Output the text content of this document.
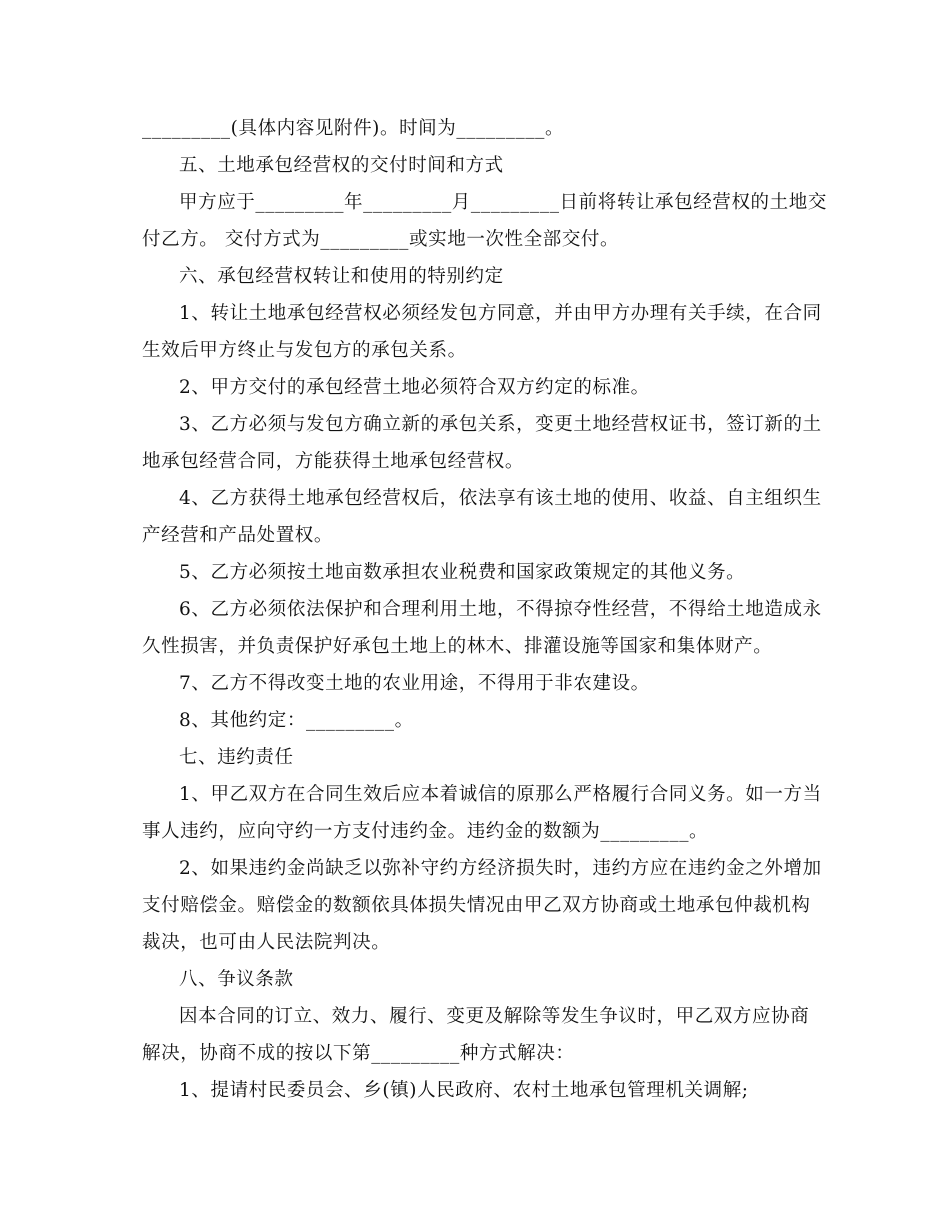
_________(具体内容见附件)。时间为_________。
五、土地承包经营权的交付时间和方式
甲方应于_________年_________月_________日前将转让承包经营权的土地交
付乙方。 交付方式为_________或实地一次性全部交付。
六、承包经营权转让和使用的特别约定
1、转让土地承包经营权必须经发包方同意，并由甲方办理有关手续，在合同
生效后甲方终止与发包方的承包关系。
2、甲方交付的承包经营土地必须符合双方约定的标准。
3、乙方必须与发包方确立新的承包关系，变更土地经营权证书，签订新的土
地承包经营合同，方能获得土地承包经营权。
4、乙方获得土地承包经营权后，依法享有该土地的使用、收益、自主组织生
产经营和产品处置权。
5、乙方必须按土地亩数承担农业税费和国家政策规定的其他义务。
6、乙方必须依法保护和合理利用土地，不得掠夺性经营，不得给土地造成永
久性损害，并负责保护好承包土地上的林木、排灌设施等国家和集体财产。
7、乙方不得改变土地的农业用途，不得用于非农建设。
8、其他约定：_________。
七、违约责任
1、甲乙双方在合同生效后应本着诚信的原那么严格履行合同义务。如一方当
事人违约，应向守约一方支付违约金。违约金的数额为_________。
2、如果违约金尚缺乏以弥补守约方经济损失时，违约方应在违约金之外增加
支付赔偿金。赔偿金的数额依具体损失情况由甲乙双方协商或土地承包仲裁机构
裁决，也可由人民法院判决。
八、争议条款
因本合同的订立、效力、履行、变更及解除等发生争议时，甲乙双方应协商
解决，协商不成的按以下第_________种方式解决：
1、提请村民委员会、乡(镇)人民政府、农村土地承包管理机关调解;
